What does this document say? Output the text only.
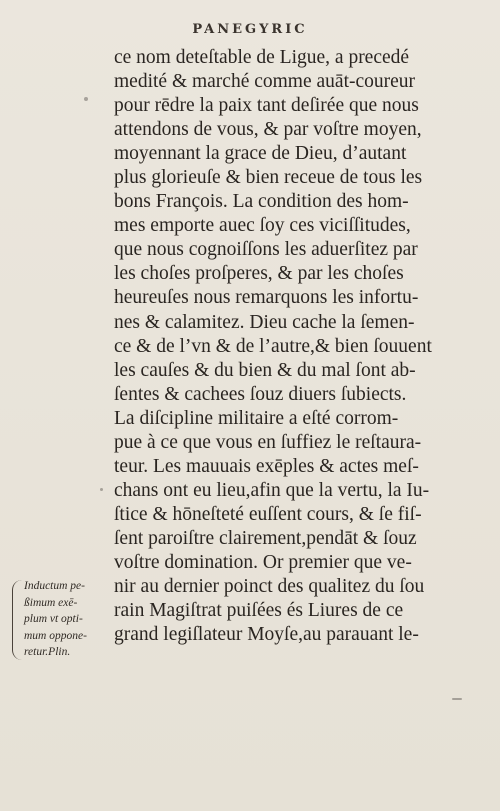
PANEGYRIC
ce nom deteſtable de Ligue, a precedé
medité & marché comme auāt-coureur
pour rēdre la paix tant deſirée que nous
attendons de vous, & par voſtre moyen,
moyennant la grace de Dieu, d’autant
plus glorieuſe & bien receue de tous les
bons François. La condition des hom-
mes emporte auec ſoy ces viciſſitudes,
que nous cognoiſſons les aduerſitez par
les choſes proſperes, & par les choſes
heureuſes nous remarquons les infortu-
nes & calamitez. Dieu cache la ſemen-
ce & de l’vn & de l’autre,& bien ſouuent
les cauſes & du bien & du mal ſont ab-
ſentes & cachees ſouz diuers ſubiects.
La diſcipline militaire a eſté corrom-
pue à ce que vous en ſuffiez le reſtaura-
teur. Les mauuais exēples & actes meſ-
chans ont eu lieu,afin que la vertu, la Iu-
ſtice & hōneſteté euſſent cours, & ſe fiſ-
ſent paroiſtre clairement,pendāt & ſouz
voſtre domination. Or premier que ve-
nir au dernier poinct des qualitez du ſou
rain Magiſtrat puiſées és Liures de ce
grand legiſlateur Moyſe,au parauant le-
Inductum pe-
ßimum exē-
plum vt opti-
mum oppone-
retur.Plin.
